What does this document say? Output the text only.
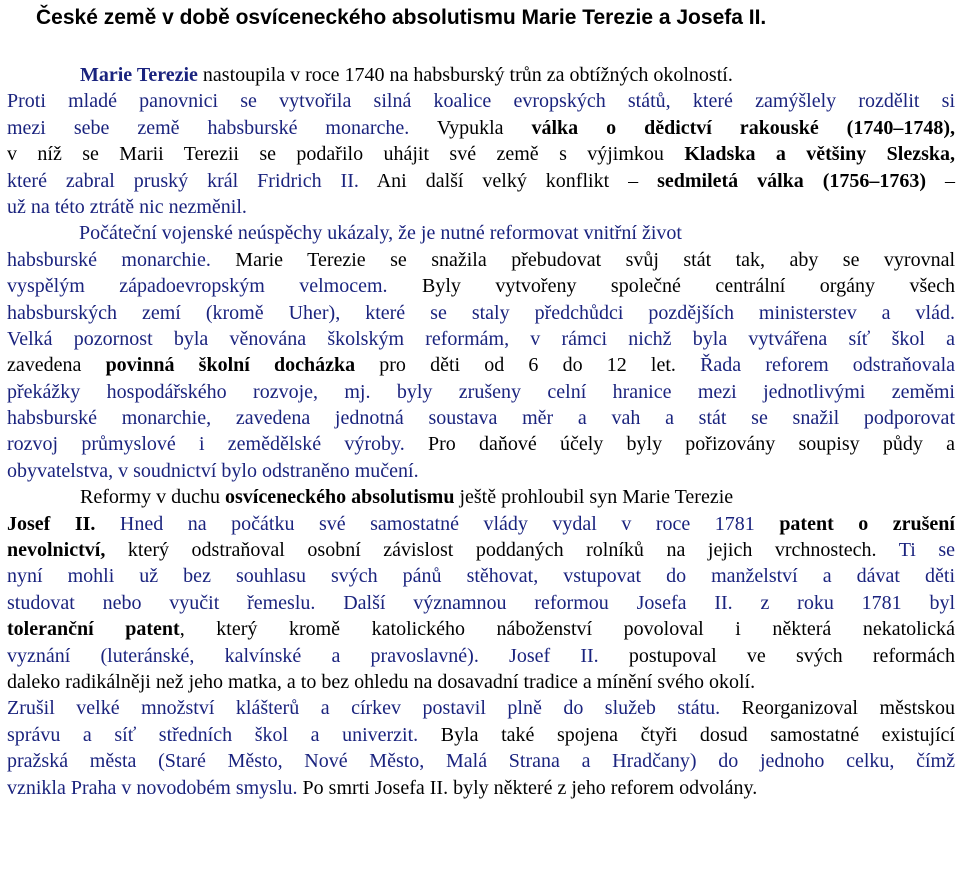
České země v době osvíceneckého absolutismu Marie Terezie a Josefa II.
Marie Terezie nastoupila v roce 1740 na habsburský trůn za obtížných okolností.
Proti mladé panovnici se vytvořila silná koalice evropských států, které zamýšlely rozdělit si
mezi sebe země habsburské monarche. Vypukla válka o dědictví rakouské (1740–1748),
v níž se Marii Terezii se podařilo uhájit své země s výjimkou Kladska a většiny Slezska,
které zabral pruský král Fridrich II. Ani další velký konflikt – sedmiletá válka (1756–1763) –
už na této ztrátě nic nezměnil.
Počáteční vojenské neúspěchy ukázaly, že je nutné reformovat vnitřní život
habsburské monarchie. Marie Terezie se snažila přebudovat svůj stát tak, aby se vyrovnal
vyspělým západoevropským velmocem. Byly vytvořeny společné centrální orgány všech
habsburských zemí (kromě Uher), které se staly předchůdci pozdějších ministerstev a vlád.
Velká pozornost byla věnována školským reformám, v rámci nichž byla vytvářena síť škol a
zavedena povinná školní docházka pro děti od 6 do 12 let. Řada reforem odstraňovala
překážky hospodářského rozvoje, mj. byly zrušeny celní hranice mezi jednotlivými zeměmi
habsburské monarchie, zavedena jednotná soustava měr a vah a stát se snažil podporovat
rozvoj průmyslové i zemědělské výroby. Pro daňové účely byly pořizovány soupisy půdy a
obyvatelstva, v soudnictví bylo odstraněno mučení.
Reformy v duchu osvíceneckého absolutismu ještě prohloubil syn Marie Terezie
Josef II. Hned na počátku své samostatné vlády vydal v roce 1781 patent o zrušení
nevolnictví, který odstraňoval osobní závislost poddaných rolníků na jejich vrchnostech. Ti se
nyní mohli už bez souhlasu svých pánů stěhovat, vstupovat do manželství a dávat děti
studovat nebo vyučit řemeslu. Další významnou reformou Josefa II. z roku 1781 byl
toleranční patent, který kromě katolického náboženství povoloval i některá nekatolická
vyznání (luteránské, kalvínské a pravoslavné). Josef II. postupoval ve svých reformách
daleko radikálněji než jeho matka, a to bez ohledu na dosavadní tradice a mínění svého okolí.
Zrušil velké množství klášterů a církev postavil plně do služeb státu. Reorganizoval městskou
správu a síť středních škol a univerzit. Byla také spojena čtyři dosud samostatné existující
pražská města (Staré Město, Nové Město, Malá Strana a Hradčany) do jednoho celku, čímž
vznikla Praha v novodobém smyslu. Po smrti Josefa II. byly některé z jeho reforem odvolány.
